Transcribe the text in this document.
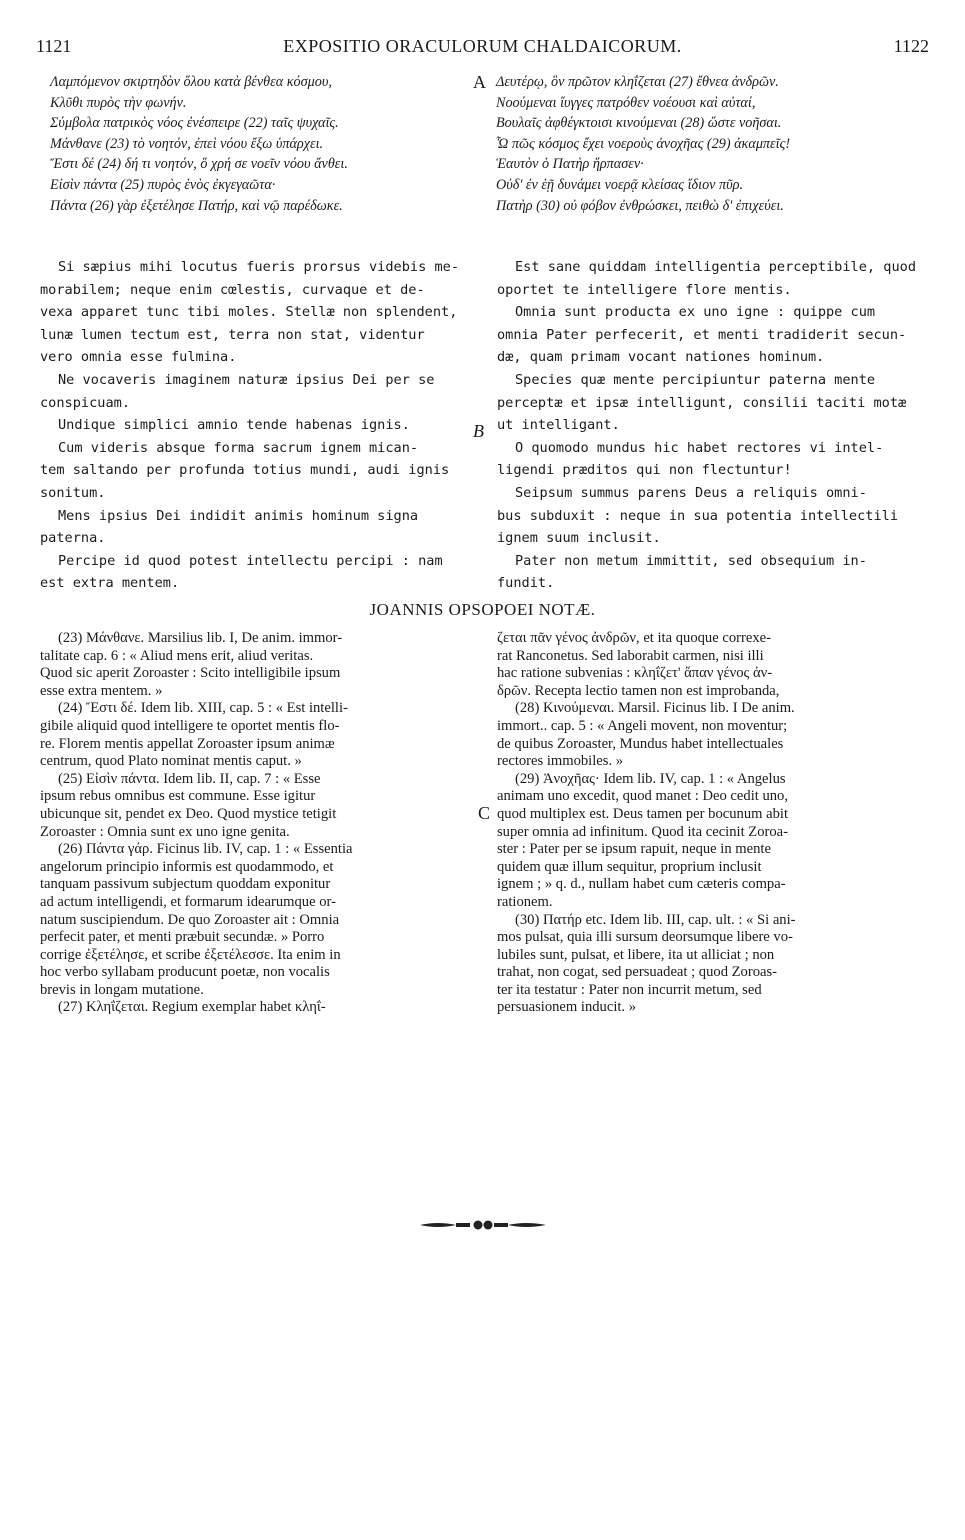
1121	EXPOSITIO ORACULORUM CHALDAICORUM.	1122
Λαμπόμενον σκιρτηδὸν ὅλου κατὰ βένθεα κόσμου,
Κλῦθι πυρὸς τὴν φωνήν.
Σύμβολα πατρικὸς νόος ἐνέσπειρε (22) ταῖς ψυχαῖς.
Μάνθανε (23) τὸ νοητόν, ἐπεὶ νόου ἔξω ὑπάρχει.
Ἔστι δέ (24) δή τι νοητόν, ὅ χρή σε νοεῖν νόου ἄνθει.
Εἰσὶν πάντα (25) πυρὸς ἑνὸς ἐκγεγαῶτα·
Πάντα (26) γὰρ ἐξετέλησε Πατήρ, καὶ νῷ παρέδωκε.
Δευτέρῳ, ὃν πρῶτον κληΐζεται (27) ἔθνεα ἀνδρῶν.
Νοούμεναι ἴυγγες πατρόθεν νοέουσι καὶ αὐταί,
Βουλαῖς ἀφθέγκτοισι κινούμεναι (28) ὥστε νοῆσαι.
Ὦ πῶς κόσμος ἔχει νοεροὺς ἀνοχῆας (29) ἀκαμπεῖς!
Ἑαυτὸν ὁ Πατὴρ ἥρπασεν·
Οὐδ' ἐν ἑῇ δυνάμει νοερᾷ κλείσας ἴδιον πῦρ.
Πατὴρ (30) οὐ φόβον ἐνθρώσκει, πειθὼ δ' ἐπιχεύει.
A

Si sæpius mihi locutus fueris prorsus videbis me-

morabilem; neque enim cœlestis, curvaque et de-

vexa apparet tunc tibi moles. Stellæ non splendent,

lunæ lumen tectum est, terra non stat, videntur

vero omnia esse fulmina.

Ne vocaveris imaginem naturæ ipsius Dei per se

conspicuam.

Undique simplici amnio tende habenas ignis.

Cum videris absque forma sacrum ignem mican-

tem saltando per profunda totius mundi, audi ignis

sonitum.

Mens ipsius Dei indidit animis hominum signa

paterna.

Percipe id quod potest intellectu percipi : nam

est extra mentem.

Est sane quiddam intelligentia perceptibile, quod

oportet te intelligere flore mentis.

Omnia sunt producta ex uno igne : quippe cum

omnia Pater perfecerit, et menti tradiderit secun-

dæ, quam primam vocant nationes hominum.

Species quæ mente percipiuntur paterna mente

perceptæ et ipsæ intelligunt, consilii taciti motæ

ut intelligant.

O quomodo mundus hic habet rectores vi intel-

ligendi præditos qui non flectuntur!

Seipsum summus parens Deus a reliquis omni-

bus subduxit : neque in sua potentia intellectili

ignem suum inclusit.

Pater non metum immittit, sed obsequium in-

fundit.

B
JOANNIS OPSOPOEI NOTÆ.

(23) Μάνθανε. Marsilius lib. I, De anim. immor-

talitate cap. 6 : « Aliud mens erit, aliud veritas.

Quod sic aperit Zoroaster : Scito intelligibile ipsum

esse extra mentem. »

(24) Ἔστι δέ. Idem lib. XIII, cap. 5 : « Est intelli-

gibile aliquid quod intelligere te oportet mentis flo-

re. Florem mentis appellat Zoroaster ipsum animæ

centrum, quod Plato nominat mentis caput. »

(25) Εἰσὶν πάντα. Idem lib. II, cap. 7 : « Esse

ipsum rebus omnibus est commune. Esse igitur

ubicunque sit, pendet ex Deo. Quod mystice tetigit

Zoroaster : Omnia sunt ex uno igne genita.

(26) Πάντα γάρ. Ficinus lib. IV, cap. 1 : « Essentia

angelorum principio informis est quodammodo, et

tanquam passivum subjectum quoddam exponitur

ad actum intelligendi, et formarum idearumque or-

natum suscipiendum. De quo Zoroaster ait : Omnia

perfecit pater, et menti præbuit secundæ. » Porro

corrige ἐξετέλησε, et scribe ἐξετέλεσσε. Ita enim in

hoc verbo syllabam producunt poetæ, non vocalis

brevis in longam mutatione.

(27) Κληΐζεται. Regium exemplar habet κληΐ-

ζεται πᾶν γένος ἀνδρῶν, et ita quoque correxe-

rat Ranconetus. Sed laborabit carmen, nisi illi

hac ratione subvenias : κληΐζετ' ἅπαν γένος ἀν-

δρῶν. Recepta lectio tamen non est improbanda,

(28) Κινούμεναι. Marsil. Ficinus lib. I De anim.

immort.. cap. 5 : « Angeli movent, non moventur;

de quibus Zoroaster, Mundus habet intellectuales

rectores immobiles. »

(29) Ἀνοχῆας· Idem lib. IV, cap. 1 : « Angelus

animam uno excedit, quod manet : Deo cedit uno,

quod multiplex est. Deus tamen per bocunum abit

super omnia ad infinitum. Quod ita cecinit Zoroa-

ster : Pater per se ipsum rapuit, neque in mente

quidem quæ illum sequitur, proprium inclusit

ignem ; » q. d., nullam habet cum cæteris compa-

rationem.

(30) Πατήρ etc. Idem lib. III, cap. ult. : « Si ani-

mos pulsat, quia illi sursum deorsumque libere vo-

lubiles sunt, pulsat, et libere, ita ut alliciat ; non

trahat, non cogat, sed persuadeat ; quod Zoroas-

ter ita testatur : Pater non incurrit metum, sed

persuasionem inducit. »

C
